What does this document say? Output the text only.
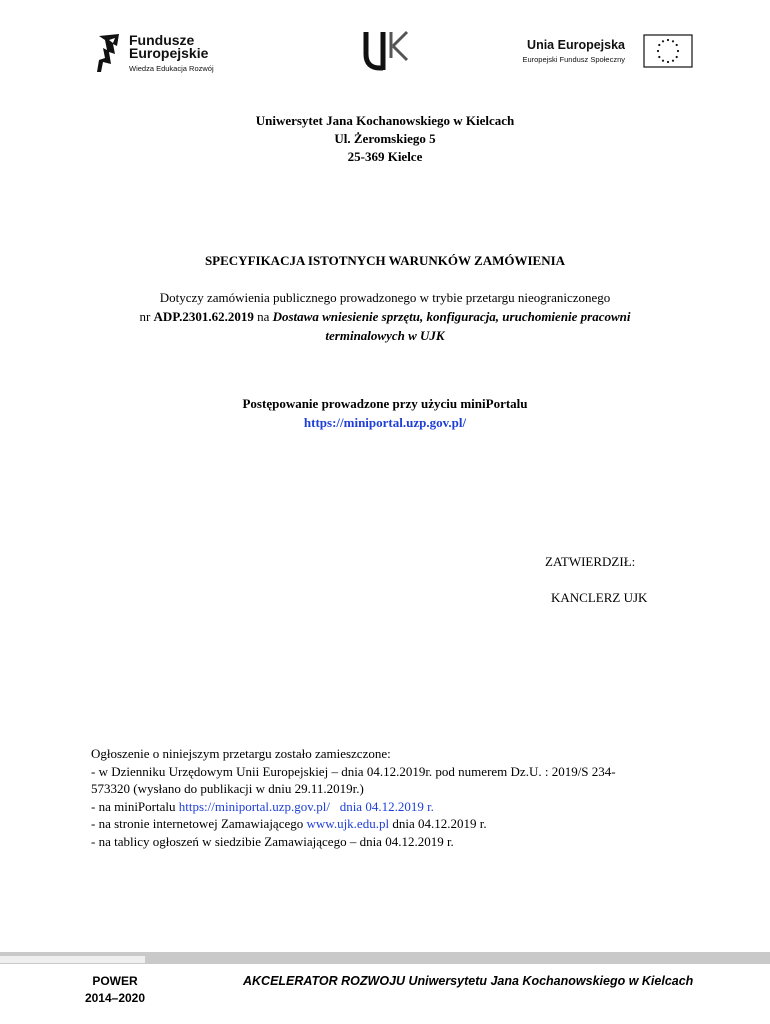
Fundusze
Europejskie
Wiedza Edukacja Rozwój
Unia Europejska
Europejski Fundusz Społeczny
Uniwersytet Jana Kochanowskiego w Kielcach
Ul. Żeromskiego 5
25-369 Kielce
SPECYFIKACJA ISTOTNYCH WARUNKÓW ZAMÓWIENIA
Dotyczy zamówienia publicznego prowadzonego w trybie przetargu nieograniczonego
nr ADP.2301.62.2019 na Dostawa wniesienie sprzętu, konfiguracja, uruchomienie pracowni
terminalowych w UJK
Postępowanie prowadzone przy użyciu miniPortalu
https://miniportal.uzp.gov.pl/
ZATWIERDZIŁ:
KANCLERZ UJK
Ogłoszenie o niniejszym przetargu zostało zamieszczone:
- w Dzienniku Urzędowym Unii Europejskiej – dnia 04.12.2019r. pod numerem Dz.U. : 2019/S 234-
573320 (wysłano do publikacji w dniu 29.11.2019r.)
- na miniPortalu https://miniportal.uzp.gov.pl/   dnia 04.12.2019 r.
- na stronie internetowej Zamawiającego www.ujk.edu.pl dnia 04.12.2019 r.
- na tablicy ogłoszeń w siedzibie Zamawiającego – dnia 04.12.2019 r.
POWER
2014–2020
AKCELERATOR ROZWOJU Uniwersytetu Jana Kochanowskiego w Kielcach
